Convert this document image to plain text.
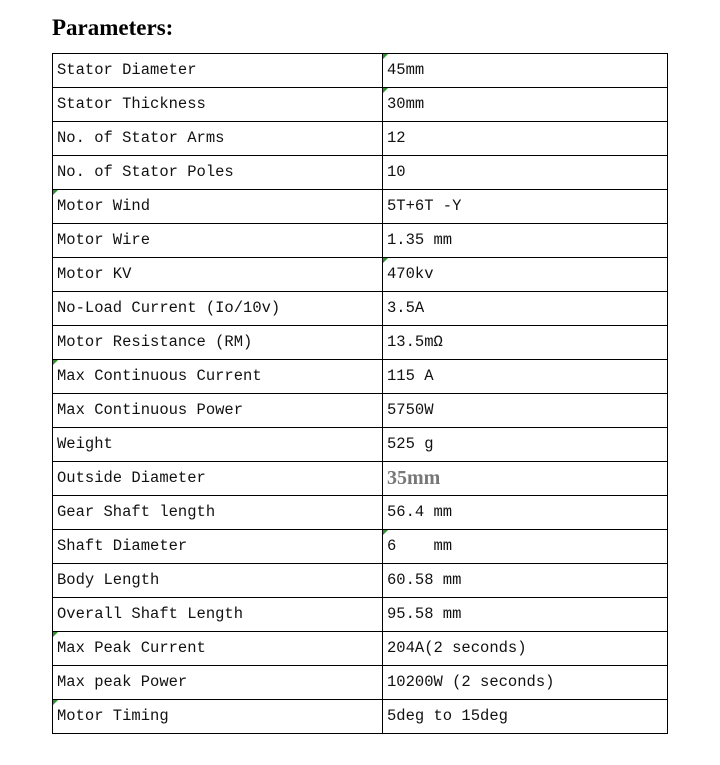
Parameters:
Stator Diameter	45mm
Stator Thickness	30mm
No. of Stator Arms	12
No. of Stator Poles	10

Motor Wind	5T+6T -Y
Motor Wire	1.35 mm
Motor KV	470kv
No-Load Current (Io/10v)	3.5A
Motor Resistance (RM)	13.5mΩ

Max Continuous Current	115 A
Max Continuous Power	5750W
Weight	525 g
Outside Diameter	35mm
Gear Shaft length	56.4 mm
Shaft Diameter	6    mm
Body Length	60.58 mm
Overall Shaft Length	95.58 mm

Max Peak Current	204A(2 seconds)
Max peak Power	10200W (2 seconds)

Motor Timing	5deg to 15deg
